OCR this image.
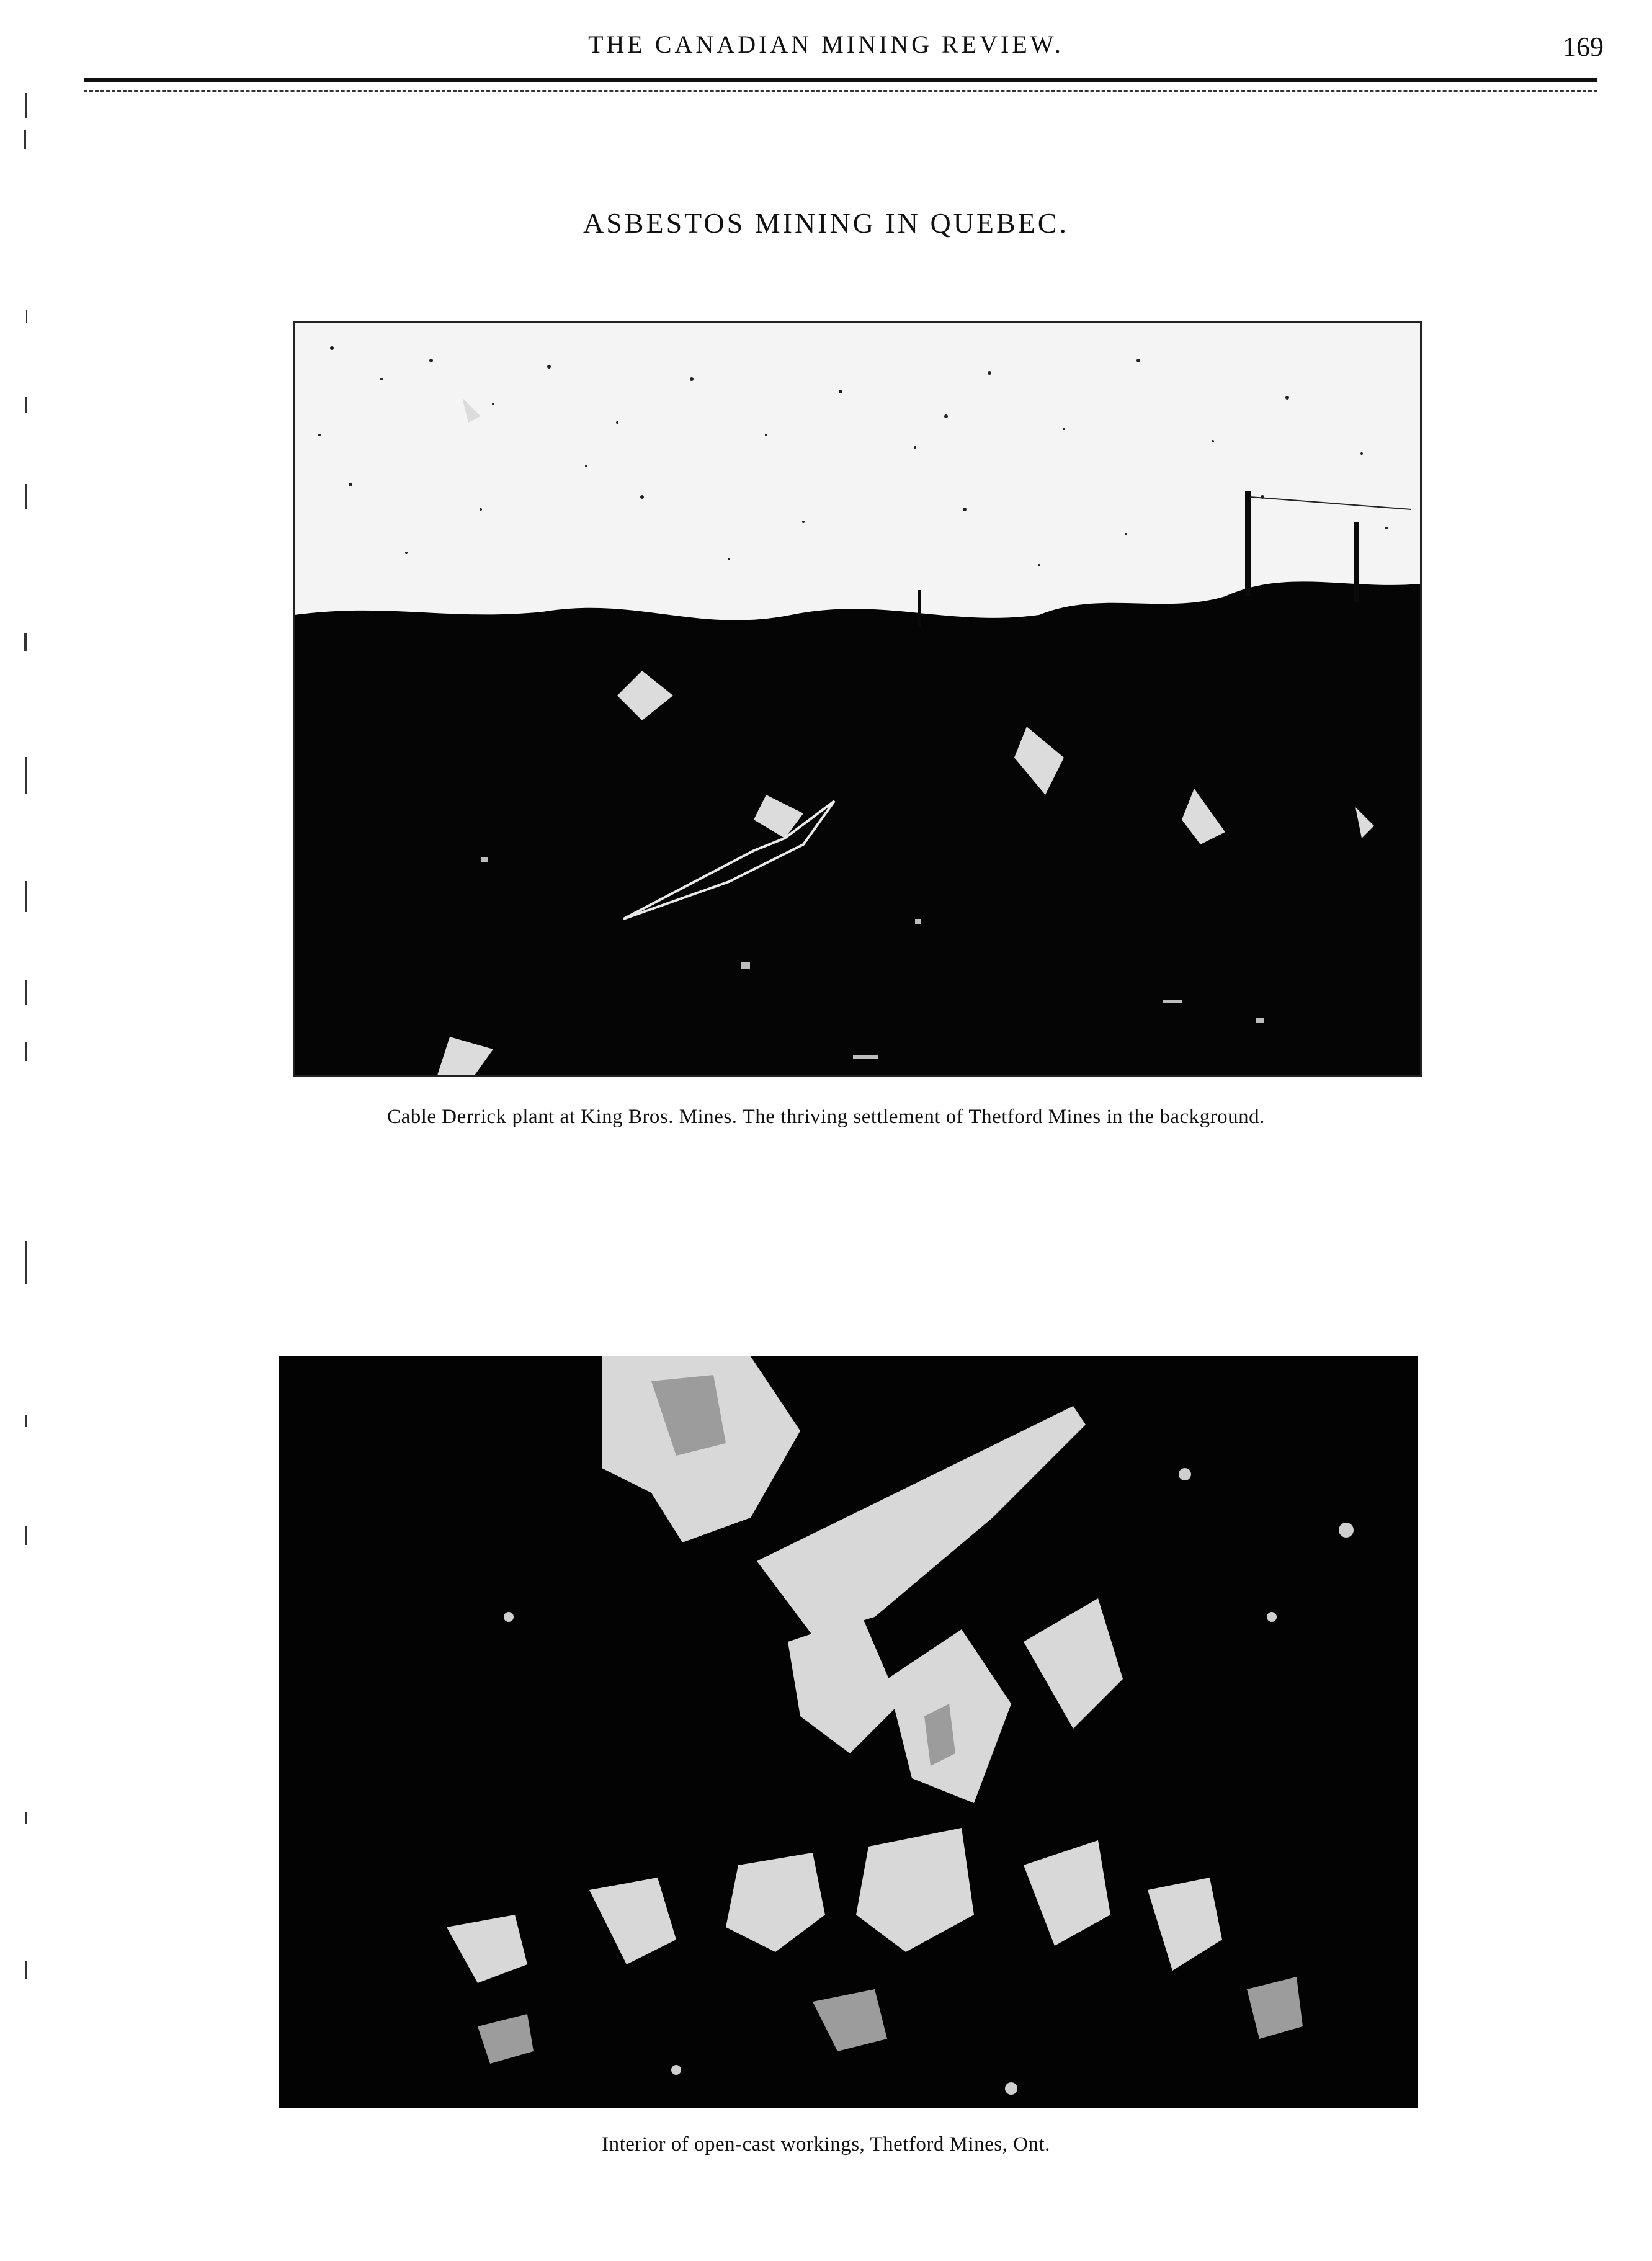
THE CANADIAN MINING REVIEW.	169
ASBESTOS MINING IN QUEBEC.
Cable Derrick plant at King Bros. Mines. The thriving settlement of Thetford Mines in the background.
Interior of open-cast workings, Thetford Mines, Ont.
